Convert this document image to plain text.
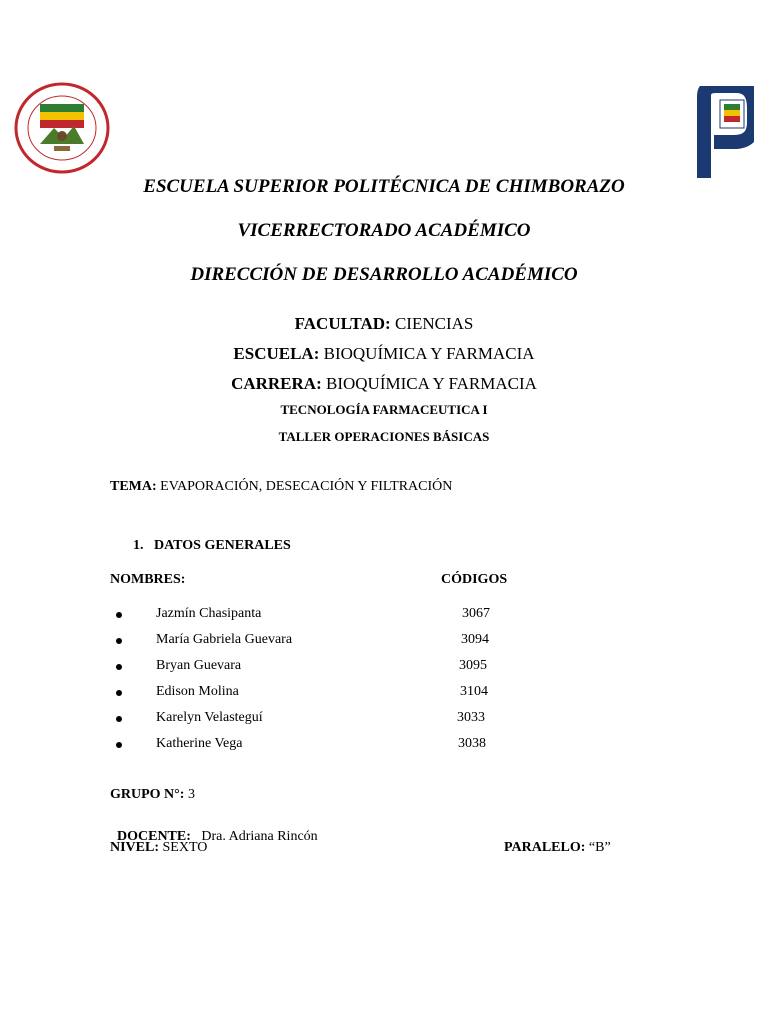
ESCUELA SUPERIOR POLITÉCNICA DE CHIMBORAZO
VICERRECTORADO ACADÉMICO
DIRECCIÓN DE DESARROLLO ACADÉMICO
FACULTAD: CIENCIAS
ESCUELA: BIOQUÍMICA Y FARMACIA
CARRERA: BIOQUÍMICA Y FARMACIA
TECNOLOGÍA FARMACEUTICA I
TALLER OPERACIONES BÁSICAS
TEMA: EVAPORACIÓN, DESECACIÓN Y FILTRACIÓN
1.   DATOS GENERALES
NOMBRES:	CÓDIGOS
Jazmín Chasipanta	3067
María Gabriela Guevara	3094
Bryan Guevara	3095
Edison Molina	3104
Karelyn Velasteguí	3033
Katherine Vega	3038
GRUPO N°: 3

DOCENTE:   Dra. Adriana Rincón

NIVEL: SEXTO	PARALELO: “B”
